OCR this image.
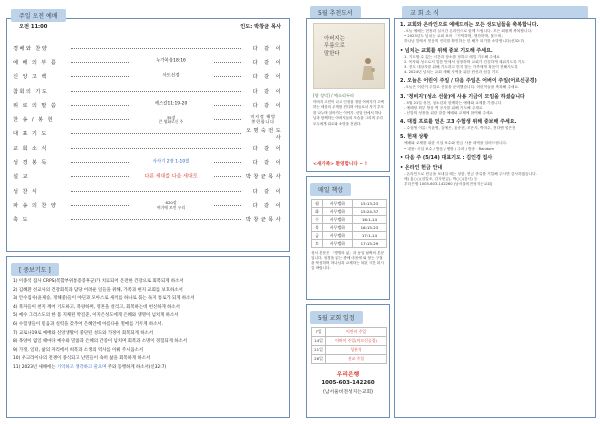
주일 오전 예배
오전 11:00	인도: 박창균 목사
경배와 찬양	다 같 이
예 배 의 부 름	다 같 이
누가복음18:16
신 앙 고 백	다 같 이
사도신경
참회의 기도	다 같 이
위 로 의 말 씀	다 같 이
예스갈11:19-20
찬 송 / 봉 헌
미지정 해벙
봉헌합니다
35장
큰 영화로신 주
대 표 기 도
오명숙전도사
교 회 소 식	다 같 이
성 경 봉 독	다 같 이
사사기 2장 1-10절
설 교	박창균목사
다른 세대를 다음 세대로
성 찬 식	다 같 이
파 송 의 찬 양	다 같 이
620장
여기에 모인 우리
축 도	박창균목사
[ 중보기도 ]
1) 이종석 집사 CRPS(복합부위통증증후군)가 치료되어 온전한 건강으로 회복되게 하소서
2) 김혜환 선교사의 건강회복과 담당 어려운 일들을 위해, 가족과 현지 교회를 보호하소서
3) 안수집사(윤제승, 정해중)들이 야딘과 모아스로 새끼를 하나로 묶는 독지 통로가 되게 하소서
4) 북자들이 천지 깨어 기도하고, 북양하며, 영혼을 살리고, 회복하는데 헌신하게 하소서
5) 예수 그리스도의 한 몸 지체된 박길준, 이지은성도에게 은혜와 생명이 넘치게 하소서
6) 수험생들이 믿음과 실력을 갖추어 은혜안에 아름다운 열매를 거두게 하소서.
7) 교로나19로 예배와 신앙생활이 중단된 성도와 가정이 회복되게 하소서
8) 목양이 없일 때마다 예수와 말씀과 은혜의 간증이 넘치며 회복과 소명이 경험되게 하소서
9) 가정, 일터, 삶의 자리에서 희복과 소생의 역사를 이뤄 주시옵소서
10) 우크라이나의 전쟁이 종식되고 난민들이 속히 삶을 회복하게 하소서
11) 2023년 새해에는 기억하고 생각하고 물으며 주와 동행하게 하소서(신32:7)
5월 추천도서
아버지는
무릎으로
말한다
[양 성덕] / 예소리두라
아버지 고민이 나고 인정을 정한 아버지가 고백하는 세상의 무게를 견디며 아들로서 자기 부모를 나누며 살아가는 이야기. 신앙 안에서 하나님과 함께하는 아버지들의 모습을 그리며 우리 모두에게 위로와 소망을 건넨다.
<새가족> 환영합니다 ~ !
매일 책상
월	사무엘하	15:13-23
화	사무엘하	15:24-37
수	사무엘하	16:1-14
목	사무엘하	16:15-23
금	사무엘하	17:1-14
토	사무엘하	17:15-29
성서 본문은 「생명의 삶」과 동일 날짜의 본문입니다. 성경을 읽는 중에 마음에 와 닿는 구절을 묵상하며 하나님과 교제하는 복된 시간 되시길 바랍니다.
5월 교회 일정
7일	어린이 주일
14일	어버이 주일(어르신공경)
21일	성찬식
28일	선교 주일
우리은행
1005-603-142260
(남서울비전성지는교회)
교 회 소 식
1. 교회와 온라인으로 예배드리는 모든 성도님들을 축복합니다.
-오늘 예배는 현장과 실시간 온라인으로 함께 드립니다. 모든 회원께 축복합니다.
• 2023년도 넘치는 교회 표어 「기억하며, 생각하며, 물으며」
하나님 앞에서 믿음의 진리를 확인하는 한 해가 되기를 소망합니다(신32:7)
• 넘치는 교회를 위해 중보 기도해 주세요.
1. 기도할 수 있는 시간과 장소를 정하고 매일 기도해 주세요
2. 목자와 성도로서 말씀 안에서 성장하며 교회가 건강하게 세워지도록 기도
3. 전도 대상자를 위해 기도하고 믿지 않는 가족에게 복음이 전해지도록
4. 2024년 넘치는 교회 새해 사역을 위한 헌신과 섬김 기도
2. 오늘은 어린이 주일 / 다음 주일은 어버이 주일(어르신공경)
-오늘은 어린이 주일로 선물을 준비했습니다. 어린이들을 축복해 주세요.
3. '정비지'(성소 선물)에 사용 기금이 모임을 하셨습니다
- 5월 21일 성찬, 청소년과 함께하는 예배와 교제를 가집니다
- 예배당 외부 방음 벽 공사를 위해 기도해 주세요
- 신앙의 성장을 위한 말씀 예배와 교제에 참여해 주세요
4. 대접 프로를 얻은 고3 수험생 위해 중보해 주세요.
- 수험생 이름: 이윤영, 김예은, 윤송현, 조은지, 박지수, 전다엔 임은진
5. 헌재 상황
예배와 교제를 위한 시설 보수와 헌금 사용 내역을 알려드립니다.
• 내용: 시설 보수 / 방음 / 냉방 / 주차 / 방송 · Random
• 다음 주 (5/14) 대표기도 : 김인경 집사
• 온라인 헌금 안내
- 온라인으로 헌금을 보내실 때는 성함, 헌금 종류를 기입해 주시면 감사하겠습니다.
예) 홍○○(십일조, 감사헌금), 박○○(감사) 등
우리은행 1005-603-142260 (남서울비전성지는교회)
